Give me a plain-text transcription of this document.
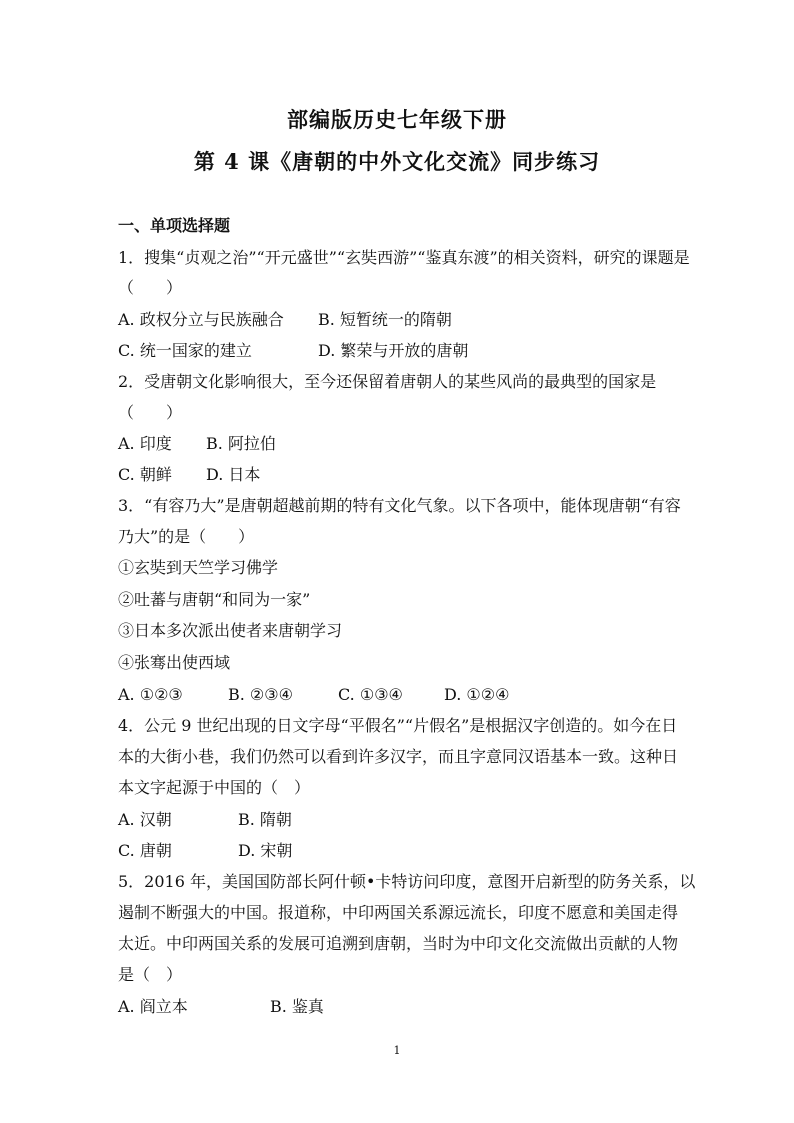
部编版历史七年级下册
第 4 课《唐朝的中外文化交流》同步练习
一、单项选择题
1．搜集“贞观之治”“开元盛世”“玄奘西游”“鉴真东渡”的相关资料，研究的课题是
（　　）
A. 政权分立与民族融合 B. 短暂统一的隋朝
C. 统一国家的建立	D. 繁荣与开放的唐朝
2．受唐朝文化影响很大，至今还保留着唐朝人的某些风尚的最典型的国家是
（　　）
A. 印度 B. 阿拉伯
C. 朝鲜 D. 日本
3．“有容乃大”是唐朝超越前期的特有文化气象。以下各项中，能体现唐朝“有容
乃大”的是（　　）
①玄奘到天竺学习佛学
②吐蕃与唐朝“和同为一家”
③日本多次派出使者来唐朝学习
④张骞出使西域
A. ①②③	B. ②③④	C. ①③④	D. ①②④
4．公元 9 世纪出现的日文字母“平假名”“片假名”是根据汉字创造的。如今在日
本的大街小巷，我们仍然可以看到许多汉字，而且字意同汉语基本一致。这种日
本文字起源于中国的（　）
A. 汉朝	B. 隋朝
C. 唐朝	D. 宋朝
5．2016 年，美国国防部长阿什顿•卡特访问印度，意图开启新型的防务关系，以
遏制不断强大的中国。报道称，中印两国关系源远流长，印度不愿意和美国走得
太近。中印两国关系的发展可追溯到唐朝，当时为中印文化交流做出贡献的人物
是（　）
A. 阎立本	B. 鉴真
1
